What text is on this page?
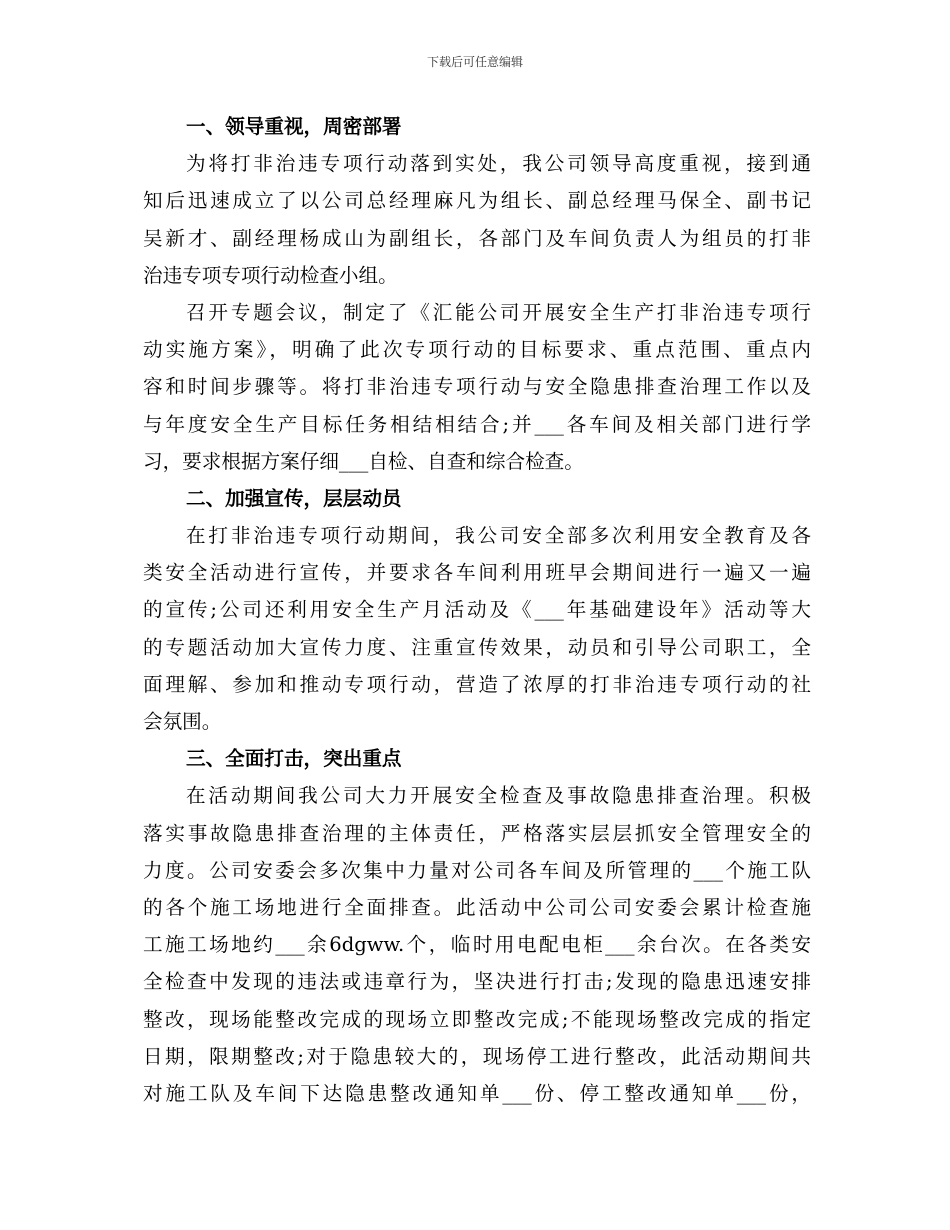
下载后可任意编辑
一、领导重视，周密部署
为将打非治违专项行动落到实处，我公司领导高度重视，接到通
知后迅速成立了以公司总经理麻凡为组长、副总经理马保全、副书记
吴新才、副经理杨成山为副组长，各部门及车间负责人为组员的打非
治违专项专项行动检查小组。
召开专题会议，制定了《汇能公司开展安全生产打非治违专项行
动实施方案》，明确了此次专项行动的目标要求、重点范围、重点内
容和时间步骤等。将打非治违专项行动与安全隐患排查治理工作以及
与年度安全生产目标任务相结相结合;并___各车间及相关部门进行学
习，要求根据方案仔细___自检、自查和综合检查。
二、加强宣传，层层动员
在打非治违专项行动期间，我公司安全部多次利用安全教育及各
类安全活动进行宣传，并要求各车间利用班早会期间进行一遍又一遍
的宣传;公司还利用安全生产月活动及《___年基础建设年》活动等大
的专题活动加大宣传力度、注重宣传效果，动员和引导公司职工，全
面理解、参加和推动专项行动，营造了浓厚的打非治违专项行动的社
会氛围。
三、全面打击，突出重点
在活动期间我公司大力开展安全检查及事故隐患排查治理。积极
落实事故隐患排查治理的主体责任，严格落实层层抓安全管理安全的
力度。公司安委会多次集中力量对公司各车间及所管理的___个施工队
的各个施工场地进行全面排查。此活动中公司公司安委会累计检查施
工施工场地约___余6dgww.个，临时用电配电柜___余台次。在各类安
全检查中发现的违法或违章行为，坚决进行打击;发现的隐患迅速安排
整改，现场能整改完成的现场立即整改完成;不能现场整改完成的指定
日期，限期整改;对于隐患较大的，现场停工进行整改，此活动期间共
对施工队及车间下达隐患整改通知单___份、停工整改通知单___份，
